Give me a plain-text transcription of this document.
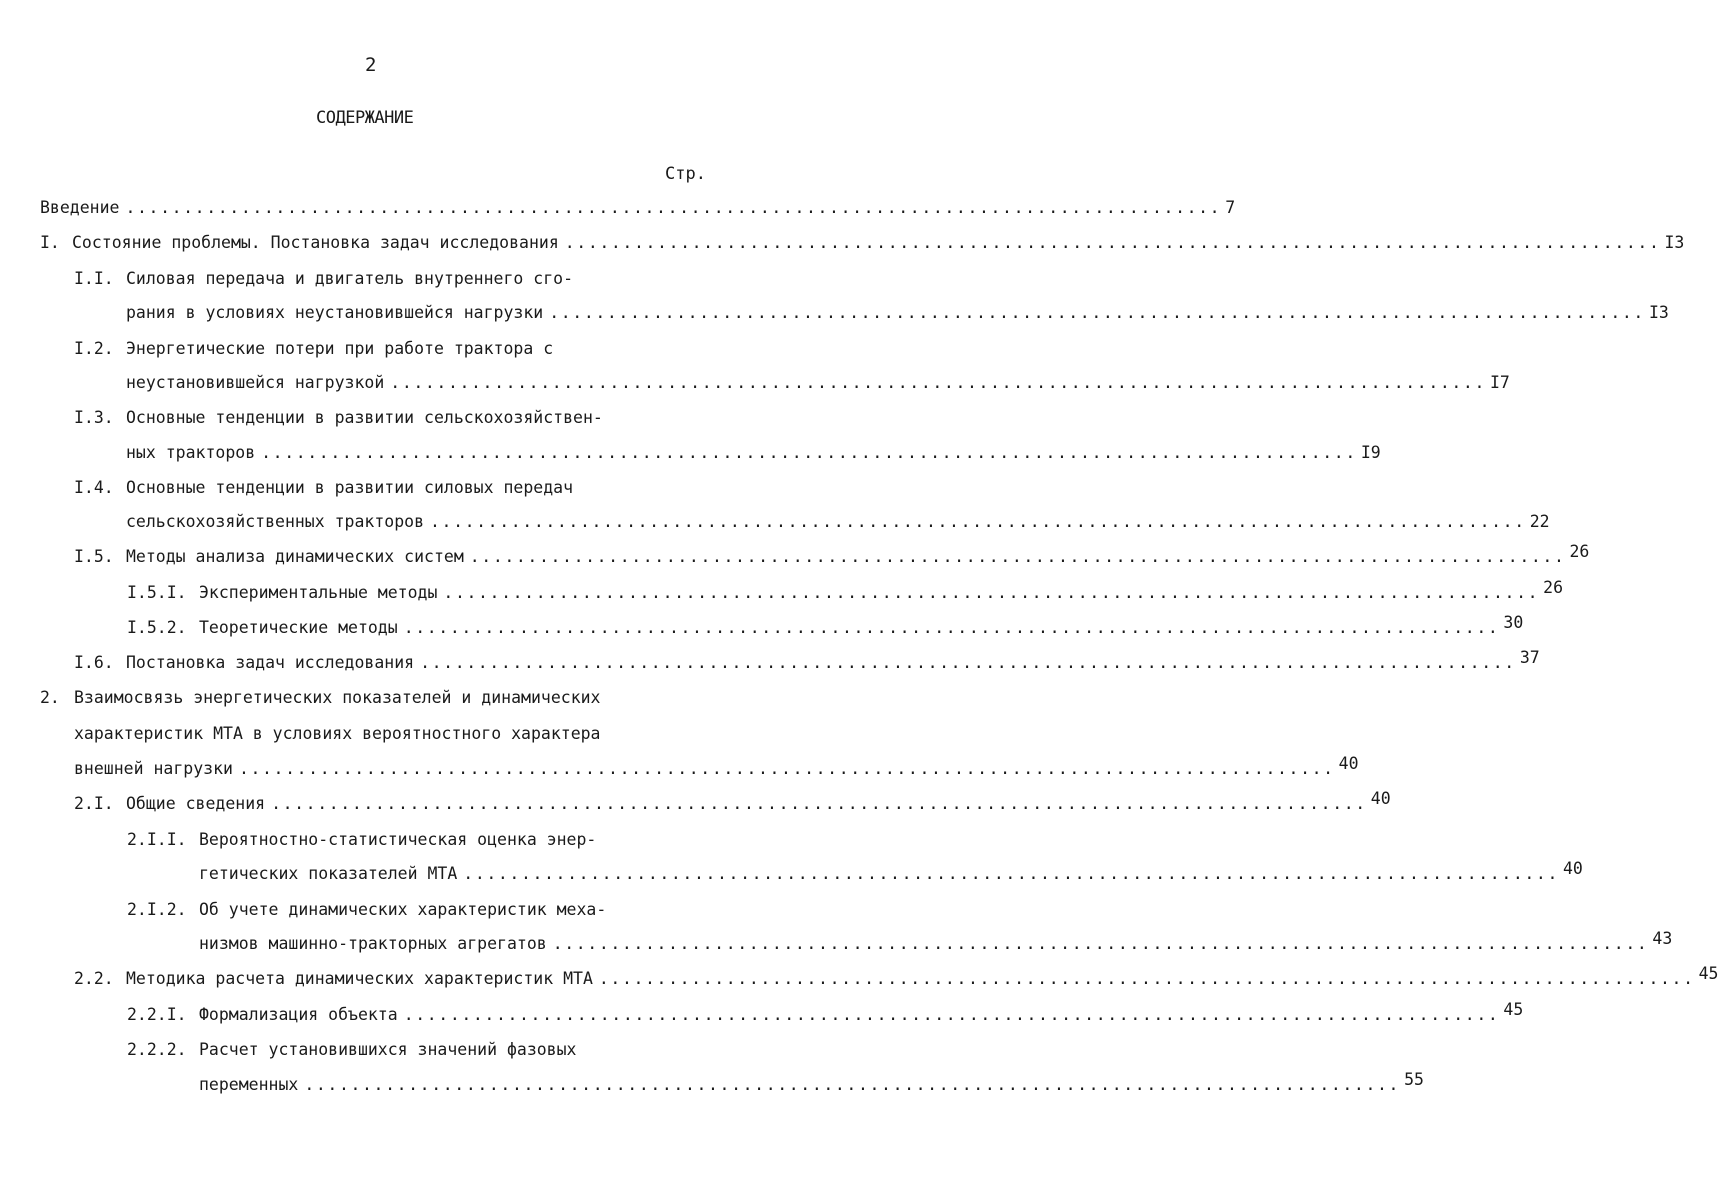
2
СОДЕРЖАНИЕ
Стр.
Введение ............................................................................................... 7
I. Состояние проблемы. Постановка задач исследования ............................................................................................... I3
I.I. Силовая передача и двигатель внутреннего сго-
рания в условиях неустановившейся нагрузки ............................................................................................... I3
I.2. Энергетические потери при работе трактора с
неустановившейся нагрузкой ............................................................................................... I7
I.3. Основные тенденции в развитии сельскохозяйствен-
ных тракторов ............................................................................................... I9
I.4. Основные тенденции в развитии силовых передач
сельскохозяйственных тракторов ............................................................................................... 22
I.5. Методы анализа динамических систем ............................................................................................... 26
I.5.I. Экспериментальные методы ............................................................................................... 26
I.5.2. Теоретические методы ............................................................................................... 30
I.6. Постановка задач исследования ............................................................................................... 37
2. Взаимосвязь энергетических показателей и динамических
характеристик МТА в условиях вероятностного характера
внешней нагрузки ............................................................................................... 40
2.I. Общие сведения ............................................................................................... 40
2.I.I. Вероятностно-статистическая оценка энер-
гетических показателей МТА ............................................................................................... 40
2.I.2. Об учете динамических характеристик меха-
низмов машинно-тракторных агрегатов ............................................................................................... 43
2.2. Методика расчета динамических характеристик МТА ............................................................................................... 45
2.2.I. Формализация объекта ............................................................................................... 45
2.2.2. Расчет установившихся значений фазовых
переменных ............................................................................................... 55
